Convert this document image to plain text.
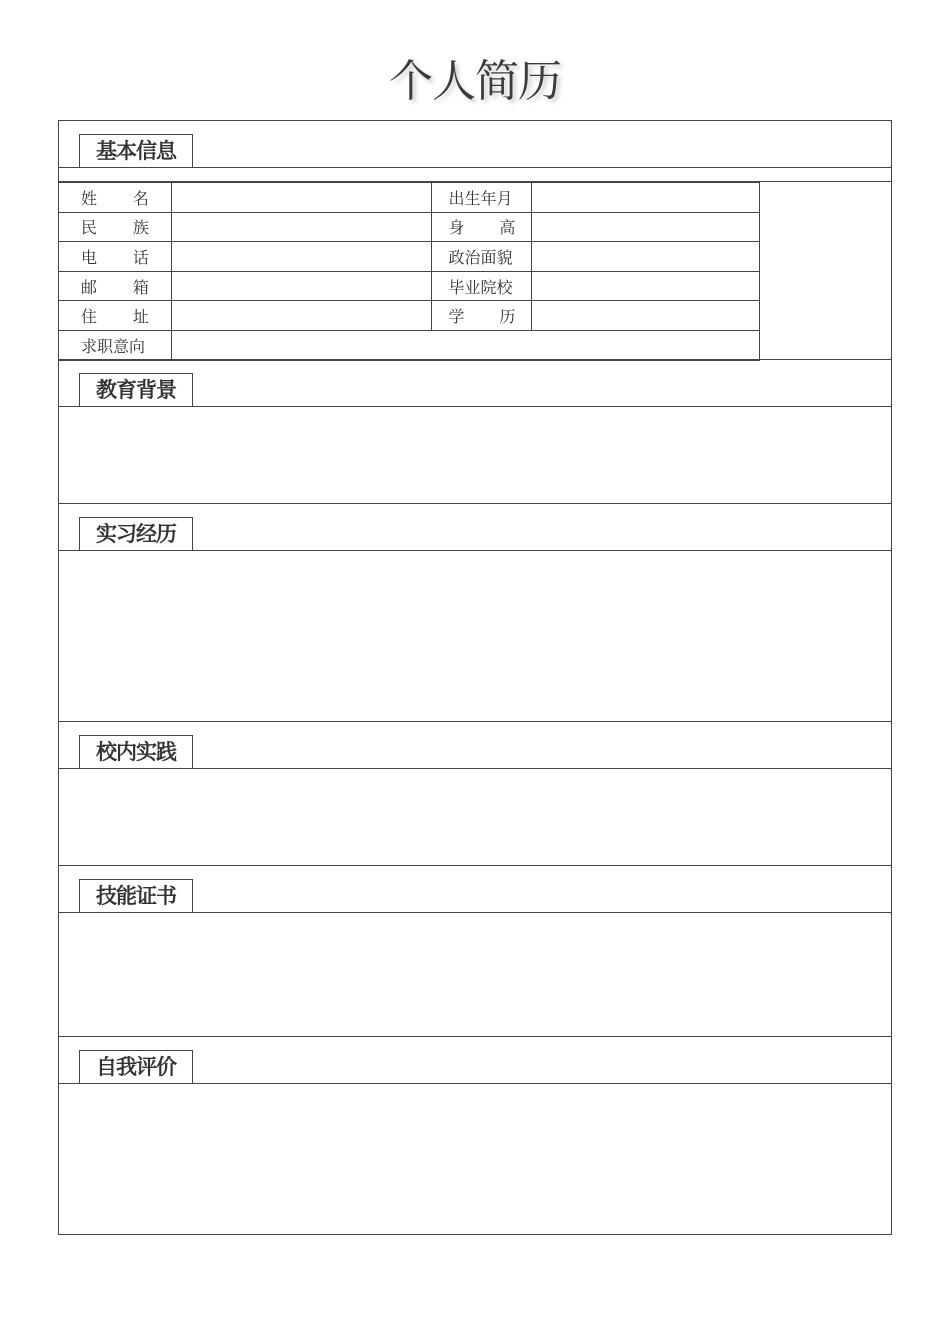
个人简历
基本信息
姓 名		出生年月	

民 族		身 高	

电 话		政治面貌	

邮 箱		毕业院校	

住 址		学 历	

求职意向			
教育背景
实习经历
校内实践
技能证书
自我评价
